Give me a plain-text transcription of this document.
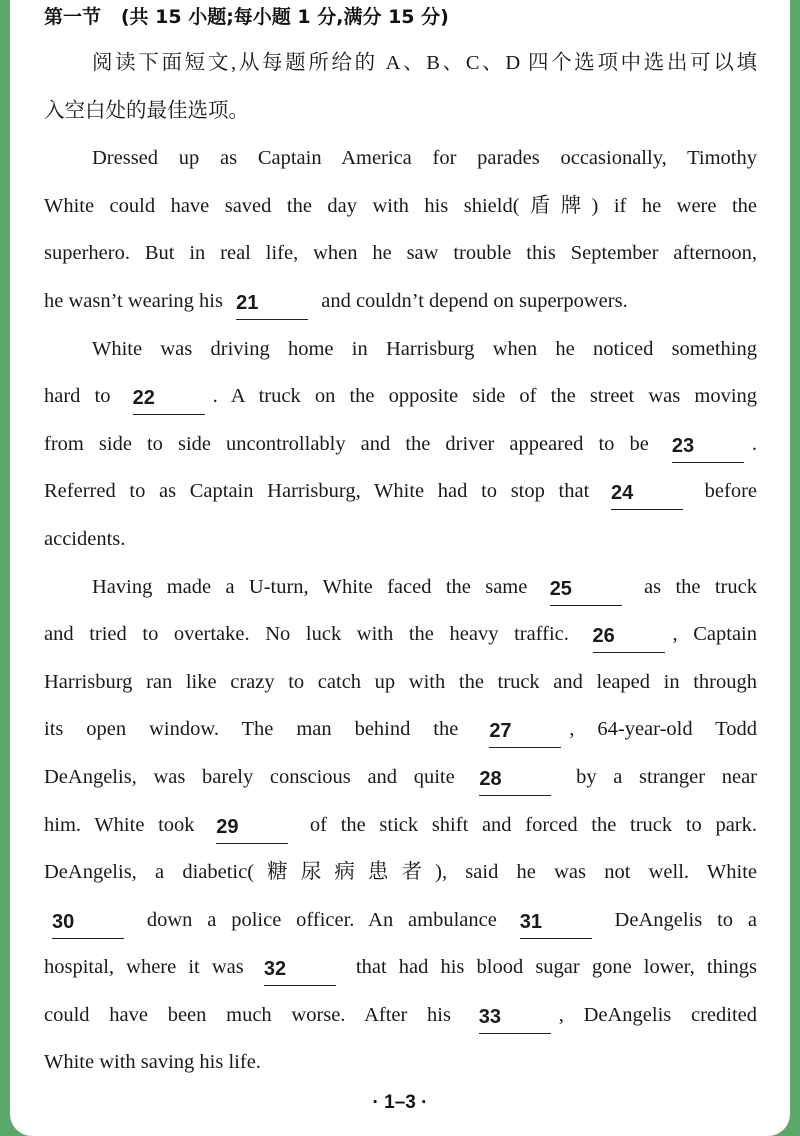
第一节   (共 15 小题;每小题 1 分,满分 15 分)
阅读下面短文,从每题所给的 A、B、C、D 四个选项中选出可以填
入空白处的最佳选项。
Dressed up as Captain America for parades occasionally, Timothy
White could have saved the day with his shield(盾牌) if he were the
superhero. But in real life, when he saw trouble this September afternoon,
he wasn’t wearing his 21	and couldn’t depend on superpowers.
White was driving home in Harrisburg when he noticed something
hard to 22	. A truck on the opposite side of the street was moving
from side to side uncontrollably and the driver appeared to be 23	.
Referred to as Captain Harrisburg, White had to stop that 24	before
accidents.
Having made a U-turn, White faced the same 25	as the truck
and tried to overtake. No luck with the heavy traffic. 26	, Captain
Harrisburg ran like crazy to catch up with the truck and leaped in through
its open window. The man behind the 27	, 64-year-old Todd
DeAngelis, was barely conscious and quite 28	by a stranger near
him. White took 29	of the stick shift and forced the truck to park.
DeAngelis, a diabetic(糖尿病患者), said he was not well. White
30	down a police officer. An ambulance 31	DeAngelis to a
hospital, where it was 32	that had his blood sugar gone lower, things
could have been much worse. After his 33	, DeAngelis credited
White with saving his life.
· 1–3 ·
